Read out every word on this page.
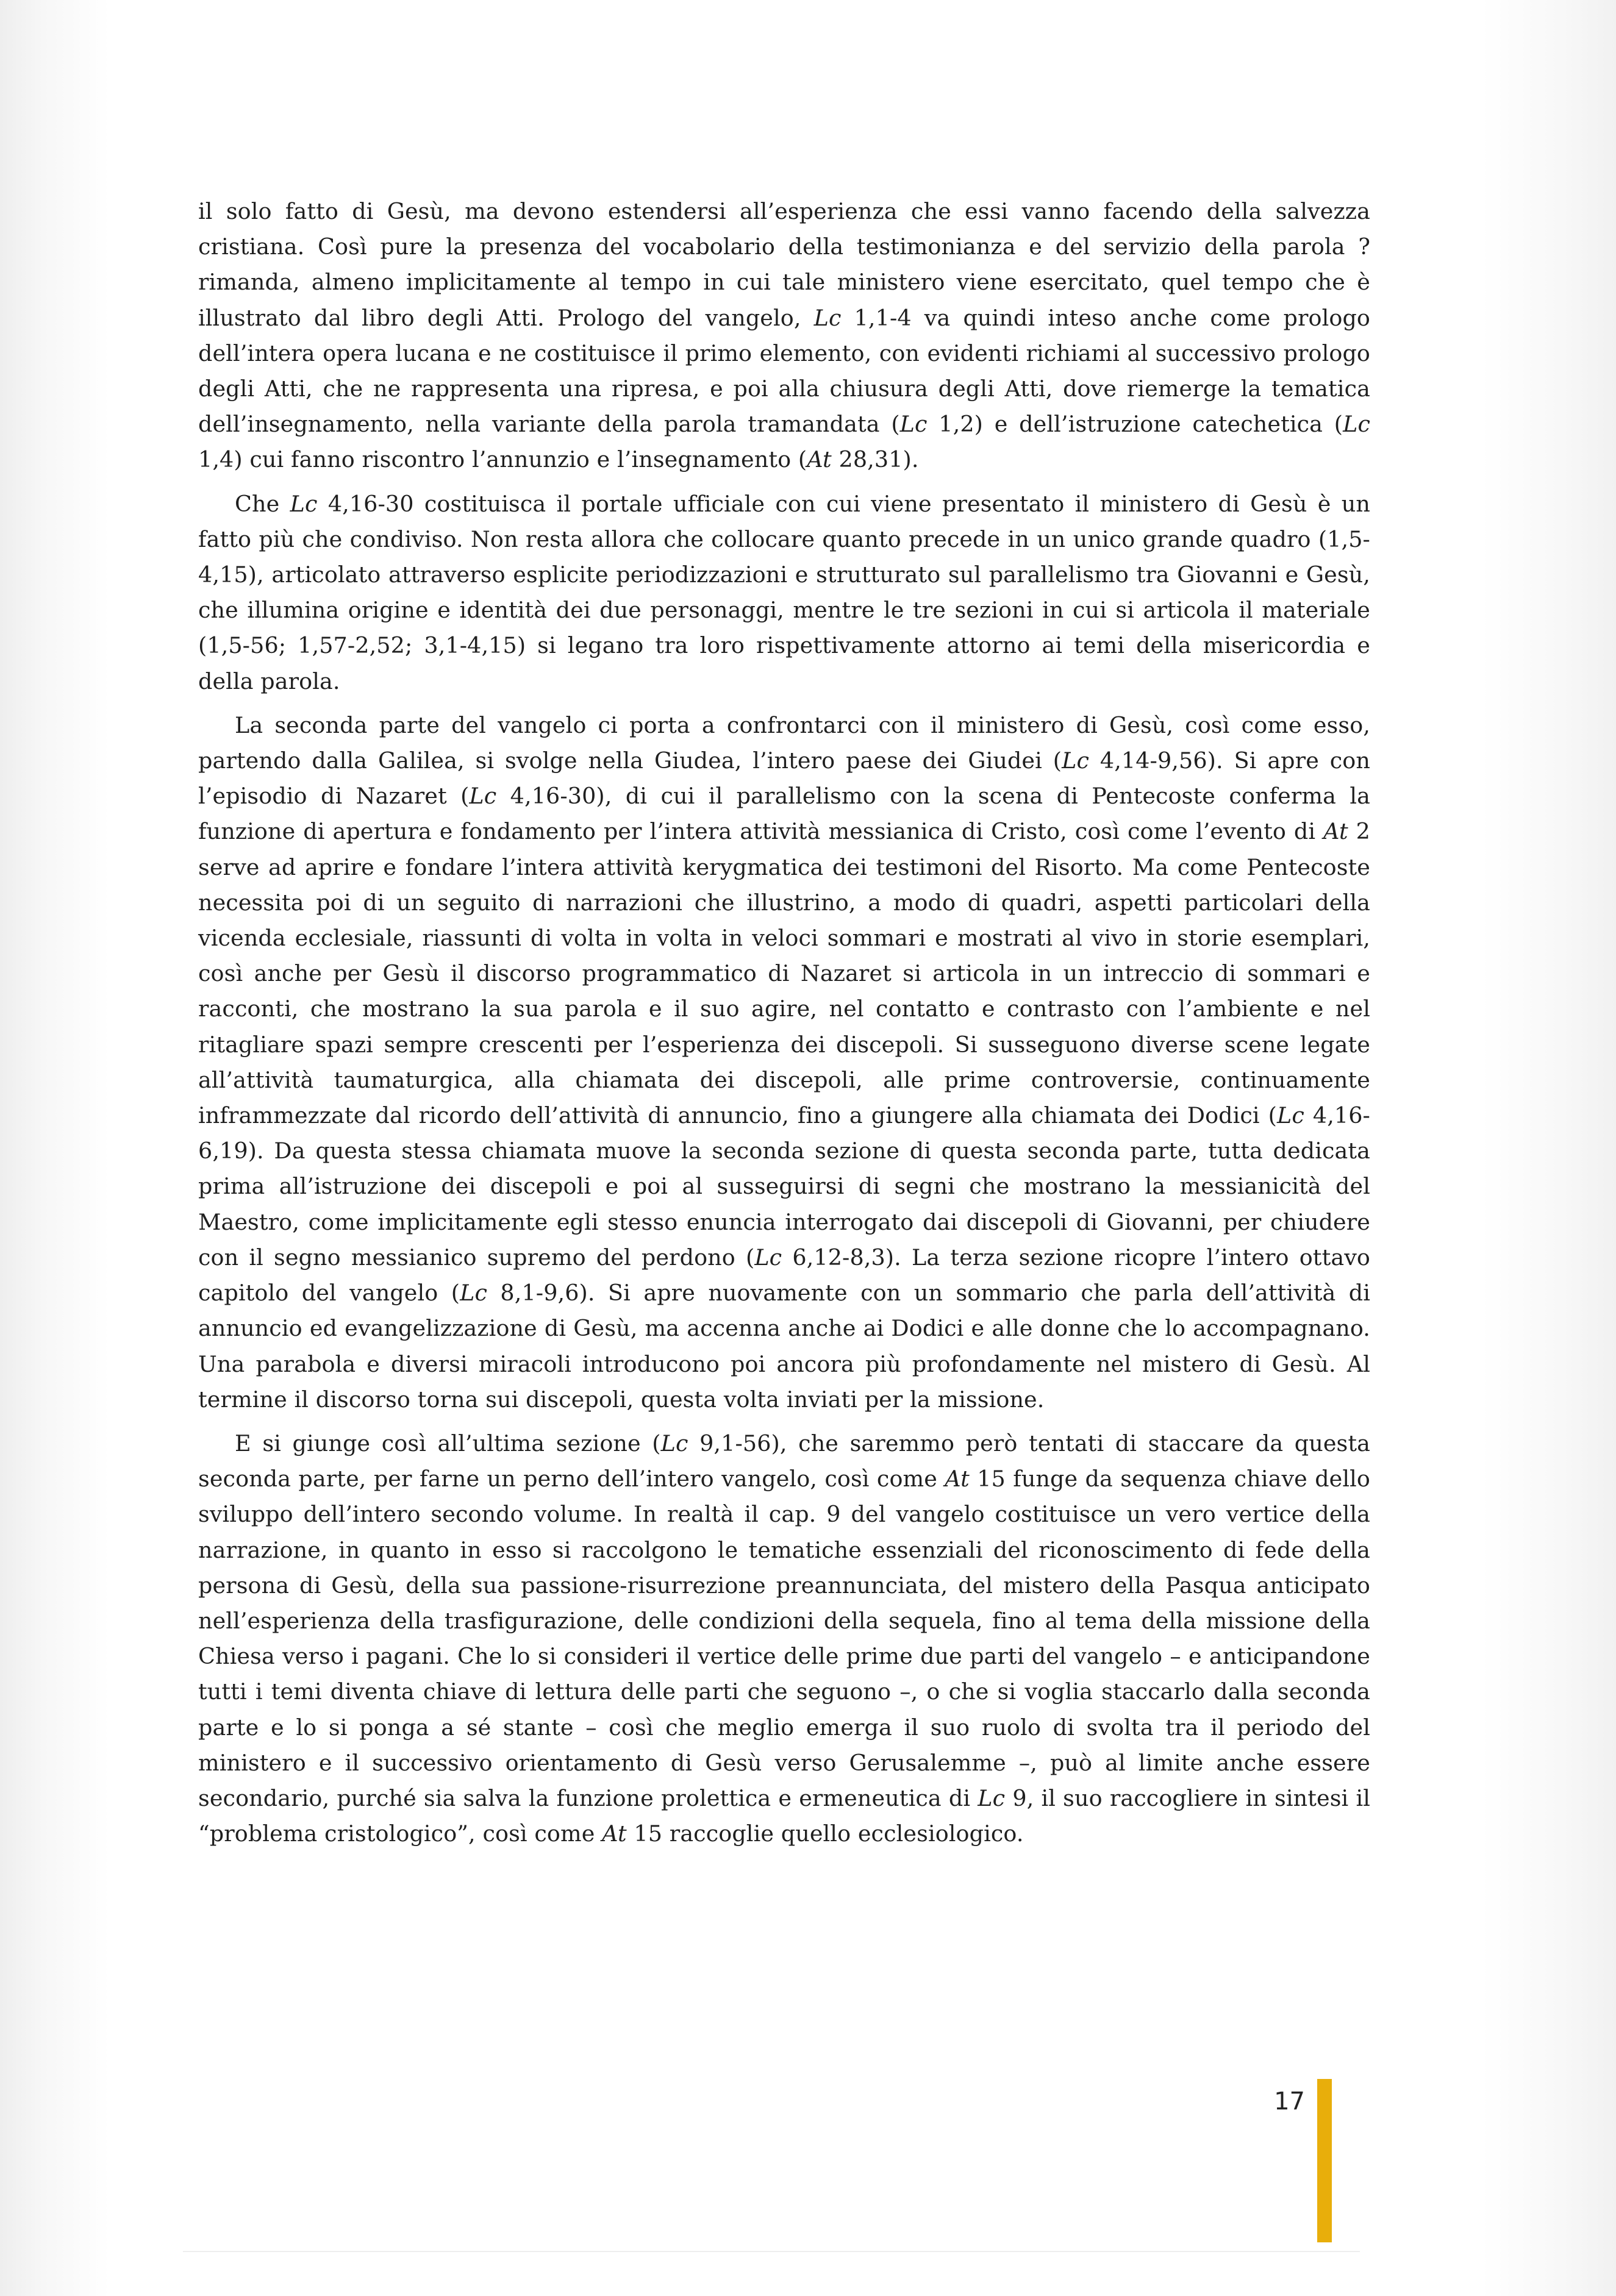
il solo fatto di Gesù, ma devono estendersi all’esperienza che essi vanno facendo della salvezza cristiana. Così pure la presenza del vocabolario della testimonianza e del servizio della parola ?rimanda, almeno implicitamente al tempo in cui tale ministero viene esercitato, quel tempo che è illustrato dal libro degli Atti. Prologo del vangelo, Lc 1,1-4 va quindi inteso anche come prologo dell’intera opera lucana e ne costituisce il primo elemento, con evidenti richiami al successivo prologo degli Atti, che ne rappresenta una ripresa, e poi alla chiusura degli Atti, dove riemerge la tematica dell’insegnamento, nella variante della parola tramandata (Lc 1,2) e dell’istruzione catechetica (Lc 1,4) cui fanno riscontro l’annunzio e l’insegnamento (At 28,31).

Che Lc 4,16-30 costituisca il portale ufficiale con cui viene presentato il ministero di Gesù è un fatto più che condiviso. Non resta allora che collocare quanto precede in un unico grande quadro (1,5-4,15), articolato attraverso esplicite periodizzazioni e strutturato sul parallelismo tra Giovanni e Gesù, che illumina origine e identità dei due personaggi, mentre le tre sezioni in cui si articola il materiale (1,5-56; 1,57-2,52; 3,1-4,15) si legano tra loro rispettivamente attorno ai temi della misericordia e della parola.

La seconda parte del vangelo ci porta a confrontarci con il ministero di Gesù, così come esso, partendo dalla Galilea, si svolge nella Giudea, l’intero paese dei Giudei (Lc 4,14-9,56). Si apre con l’episodio di Nazaret (Lc 4,16-30), di cui il parallelismo con la scena di Pentecoste conferma la funzione di apertura e fondamento per l’intera attività messianica di Cristo, così come l’evento di At 2 serve ad aprire e fondare l’intera attività kerygmatica dei testimoni del Risorto. Ma come Pentecoste necessita poi di un seguito di narrazioni che illustrino, a modo di quadri, aspetti particolari della vicenda ecclesiale, riassunti di volta in volta in veloci sommari e mostrati al vivo in storie esemplari, così anche per Gesù il discorso programmatico di Nazaret si articola in un intreccio di sommari e racconti, che mostrano la sua parola e il suo agire, nel contatto e contrasto con l’ambiente e nel ritagliare spazi sempre crescenti per l’esperienza dei discepoli. Si susseguono diverse scene legate all’attività taumaturgica, alla chiamata dei discepoli, alle prime controversie, continuamente inframmezzate dal ricordo dell’attività di annuncio, fino a giungere alla chiamata dei Dodici (Lc 4,16-6,19). Da questa stessa chiamata muove la seconda sezione di questa seconda parte, tutta dedicata prima all’istruzione dei discepoli e poi al susseguirsi di segni che mostrano la messianicità del Maestro, come implicitamente egli stesso enuncia interrogato dai discepoli di Giovanni, per chiudere con il segno messianico supremo del perdono (Lc 6,12-8,3). La terza sezione ricopre l’intero ottavo capitolo del vangelo (Lc 8,1-9,6). Si apre nuovamente con un sommario che parla dell’attività di annuncio ed evangelizzazione di Gesù, ma accenna anche ai Dodici e alle donne che lo accompagnano. Una parabola e diversi miracoli introducono poi ancora più profondamente nel mistero di Gesù. Al termine il discorso torna sui discepoli, questa volta inviati per la missione.

E si giunge così all’ultima sezione (Lc 9,1-56), che saremmo però tentati di staccare da questa seconda parte, per farne un perno dell’intero vangelo, così come At 15 funge da sequenza chiave dello sviluppo dell’intero secondo volume. In realtà il cap. 9 del vangelo costituisce un vero vertice della narrazione, in quanto in esso si raccolgono le tematiche essenziali del riconoscimento di fede della persona di Gesù, della sua passione-risurrezione preannunciata, del mistero della Pasqua anticipato nell’esperienza della trasfigurazione, delle condizioni della sequela, fino al tema della missione della Chiesa verso i pagani. Che lo si consideri il vertice delle prime due parti del vangelo – e anticipandone tutti i temi diventa chiave di lettura delle parti che seguono –, o che si voglia staccarlo dalla seconda parte e lo si ponga a sé stante – così che meglio emerga il suo ruolo di svolta tra il periodo del ministero e il successivo orientamento di Gesù verso Gerusalemme –, può al limite anche essere secondario, purché sia salva la funzione prolettica e ermeneutica di Lc 9, il suo raccogliere in sintesi il “problema cristologico”, così come At 15 raccoglie quello ecclesiologico.

17
